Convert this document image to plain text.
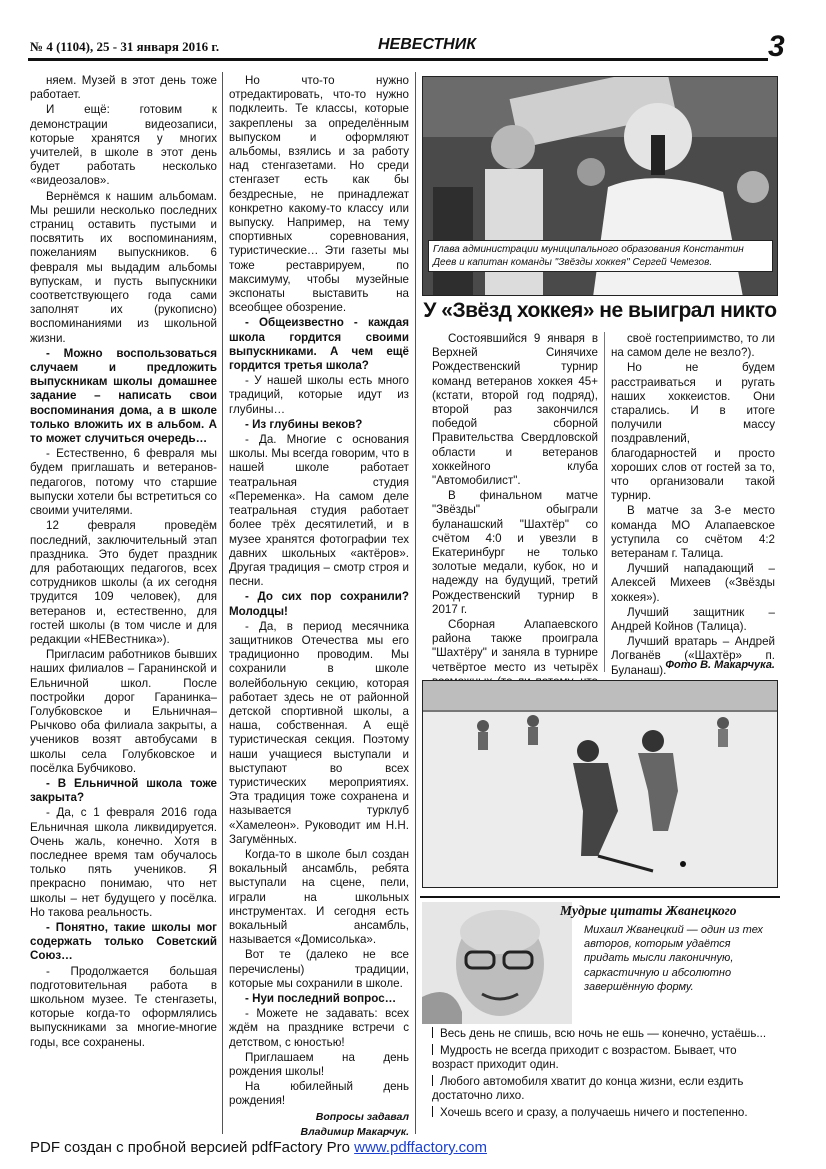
№ 4 (1104), 25 - 31 января 2016 г.	НЕВЕСТНИК	3

няем. Музей в этот день тоже работает.

И ещё: готовим к демонстрации видеозаписи, которые хранятся у многих учителей, в школе в этот день будет работать несколько «видеозалов».

Вернёмся к нашим альбомам. Мы решили несколько последних страниц оставить пустыми и посвятить их воспоминаниям, пожеланиям выпускников. 6 февраля мы выдадим альбомы вупускам, и пусть выпускники соответствующего года сами заполнят их (рукописно) воспоминаниями из школьной жизни.

- Можно воспользоваться случаем и предложить выпускникам школы домашнее задание – написать свои воспоминания дома, а в школе только вложить их в альбом. А то может случиться очередь…

- Естественно, 6 февраля мы будем приглашать и ветеранов-педагогов, потому что старшие выпуски хотели бы встретиться со своими учителями.

12 февраля проведём последний, заключительный этап праздника. Это будет праздник для работающих педагогов, всех сотрудников школы (а их сегодня трудится 109 человек), для ветеранов и, естественно, для гостей школы (в том числе и для редакции «НЕВестника»).

Пригласим работников бывших наших филиалов – Гаранинской и Ельничной школ. После постройки дорог Гаранинка–Голубковское и Ельничная–Рычково оба филиала закрыты, а учеников возят автобусами в школы села Голубковское и посёлка Бубчиково.

- В Ельничной школа тоже закрыта?

- Да, с 1 февраля 2016 года Ельничная школа ликвидируется. Очень жаль, конечно. Хотя в последнее время там обучалось только пять учеников. Я прекрасно понимаю, что нет школы – нет будущего у посёлка. Но такова реальность.

- Понятно, такие школы мог содержать только Советский Союз…

- Продолжается большая подготовительная работа в школьном музее. Те стенгазеты, которые когда-то оформлялись выпускниками за многие-многие годы, все сохранены.

Но что-то нужно отредактировать, что-то нужно подклеить. Те классы, которые закреплены за определённым выпуском и оформляют альбомы, взялись и за работу над стенгазетами. Но среди стенгазет есть как бы бездресные, не принадлежат конкретно какому-то классу или выпуску. Например, на тему спортивных соревнования, туристические… Эти газеты мы тоже реставрируем, по максимуму, чтобы музейные экспонаты выставить на всеобщее обозрение.

- Общеизвестно - каждая школа гордится своими выпускниками. А чем ещё гордится третья школа?

- У нашей школы есть много традиций, которые идут из глубины…

- Из глубины веков?

- Да. Многие с основания школы. Мы всегда говорим, что в нашей школе работает театральная студия «Переменка». На самом деле театральная студия работает более трёх десятилетий, и в музее хранятся фотографии тех давних школьных «актёров». Другая традиция – смотр строя и песни.

- До сих пор сохранили? Молодцы!

- Да, в период месячника защитников Отечества мы его традиционно проводим. Мы сохранили в школе волейбольную секцию, которая работает здесь не от районной детской спортивной школы, а наша, собственная. А ещё туристическая секция. Поэтому наши учащиеся выступали и выступают во всех туристических мероприятиях. Эта традиция тоже сохранена и называется турклуб «Хамелеон». Руководит им Н.Н. Загумённых.

Когда-то в школе был создан вокальный ансамбль, ребята выступали на сцене, пели, играли на школьных инструментах. И сегодня есть вокальный ансамбль, называется «Домисолька».

Вот те (далеко не все перечислены) традиции, которые мы сохранили в школе.

- Нуи последний вопрос…

- Можете не задавать: всех ждём на празднике встречи с детством, с юностью!

Приглашаем на день рождения школы!

На юбилейный день рождения!

Вопросы задавал

Владимир Макарчук.

Глава администрации муниципального образования Константин Деев и капитан команды "Звёзды хоккея" Сергей Чемезов.
У «Звёзд хоккея» не выиграл никто

Состоявшийся 9 января в Верхней Синячихе Рождественский турнир команд ветеранов хоккея 45+ (кстати, второй год подряд), второй раз закончился победой сборной Правительства Свердловской области и ветеранов хоккейного клуба "Автомобилист".

В финальном матче "Звёзды" обыграли буланашский "Шахтёр" со счётом 4:0 и увезли в Екатеринбург не только золотые медали, кубок, но и надежду на будущий, третий Рождественский турнир в 2017 г.

Сборная Алапаевского района также проиграла "Шахтёру" и заняла в турнире четвёртое место из четырёх

своё гостеприимство, то ли на самом деле не везло?).

Но не будем расстраиваться и ругать наших хоккеистов. Они старались. И в итоге получили массу поздравлений, благодарностей и просто хороших слов от гостей за то, что организовали такой турнир.

В матче за 3-е место команда МО Алапаевское уступила со счётом 4:2 ветеранам г. Талица.

Лучший нападающий – Алексей Михеев («Звёзды хоккея»).

Лучший защитник – Андрей Койнов (Талица).

Лучший вратарь – Андрей Логванёв («Шахтёр» п. Буланаш). Фото В. Макарчука.
Мудрые цитаты Жванецкого
Михаил Жванецкий — один из тех авторов, которым удаётся придать мысли лаконичную, саркастичную и абсолютно завершённую форму.
Весь день не спишь, всю ночь не ешь — конечно, устаёшь...
Мудрость не всегда приходит с возрастом. Бывает, что возраст приходит один.
Любого автомобиля хватит до конца жизни, если ездить достаточно лихо.
Хочешь всего и сразу, а получаешь ничего и постепенно.
PDF создан с пробной версией pdfFactory Pro www.pdffactory.com
